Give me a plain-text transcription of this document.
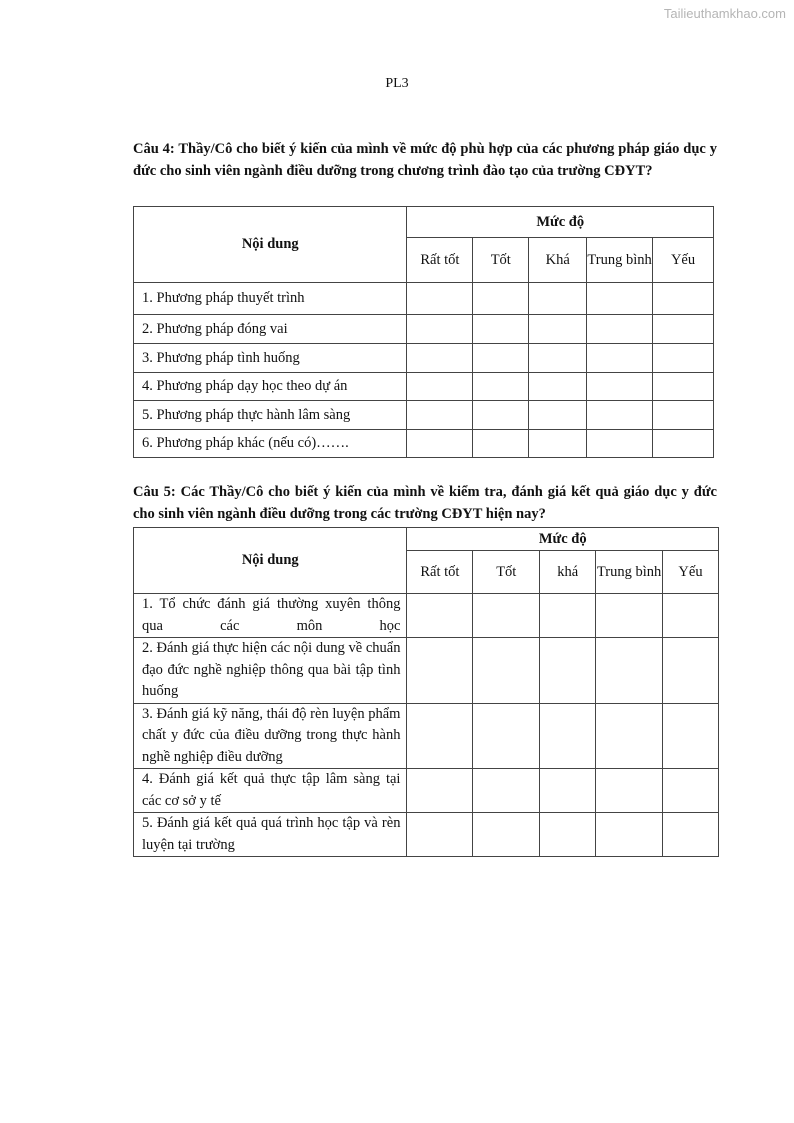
Tailieuthamkhao.com
PL3
Câu 4: Thầy/Cô cho biết ý kiến của mình về mức độ phù hợp của các phương pháp giáo dục y đức cho sinh viên ngành điều dưỡng trong chương trình đào tạo của trường CĐYT?
Nội dung	Mức độ				
	Rất tốt	Tốt	Khá	Trung bình	Yếu
1. Phương pháp thuyết trình					
2. Phương pháp đóng vai					
3. Phương pháp tình huống					
4. Phương pháp dạy học theo dự án					
5. Phương pháp thực hành lâm sàng					
6. Phương pháp khác (nếu có)…….					
Câu 5: Các Thầy/Cô cho biết ý kiến của mình về kiểm tra, đánh giá kết quả giáo dục y đức cho sinh viên ngành điều dưỡng trong các trường CĐYT hiện nay?
Nội dung	Mức độ				
	Rất tốt	Tốt	khá	Trung bình	Yếu
1. Tổ chức đánh giá thường xuyên thông qua các môn học					
2. Đánh giá thực hiện các nội dung về chuẩn đạo đức nghề nghiệp thông qua bài tập tình huống					
3. Đánh giá kỹ năng, thái độ rèn luyện phẩm chất y đức của điều dưỡng trong thực hành nghề nghiệp điều dưỡng					
4. Đánh giá kết quả thực tập lâm sàng tại các cơ sở y tế					
5. Đánh giá kết quả quá trình học tập và rèn luyện tại trường					
